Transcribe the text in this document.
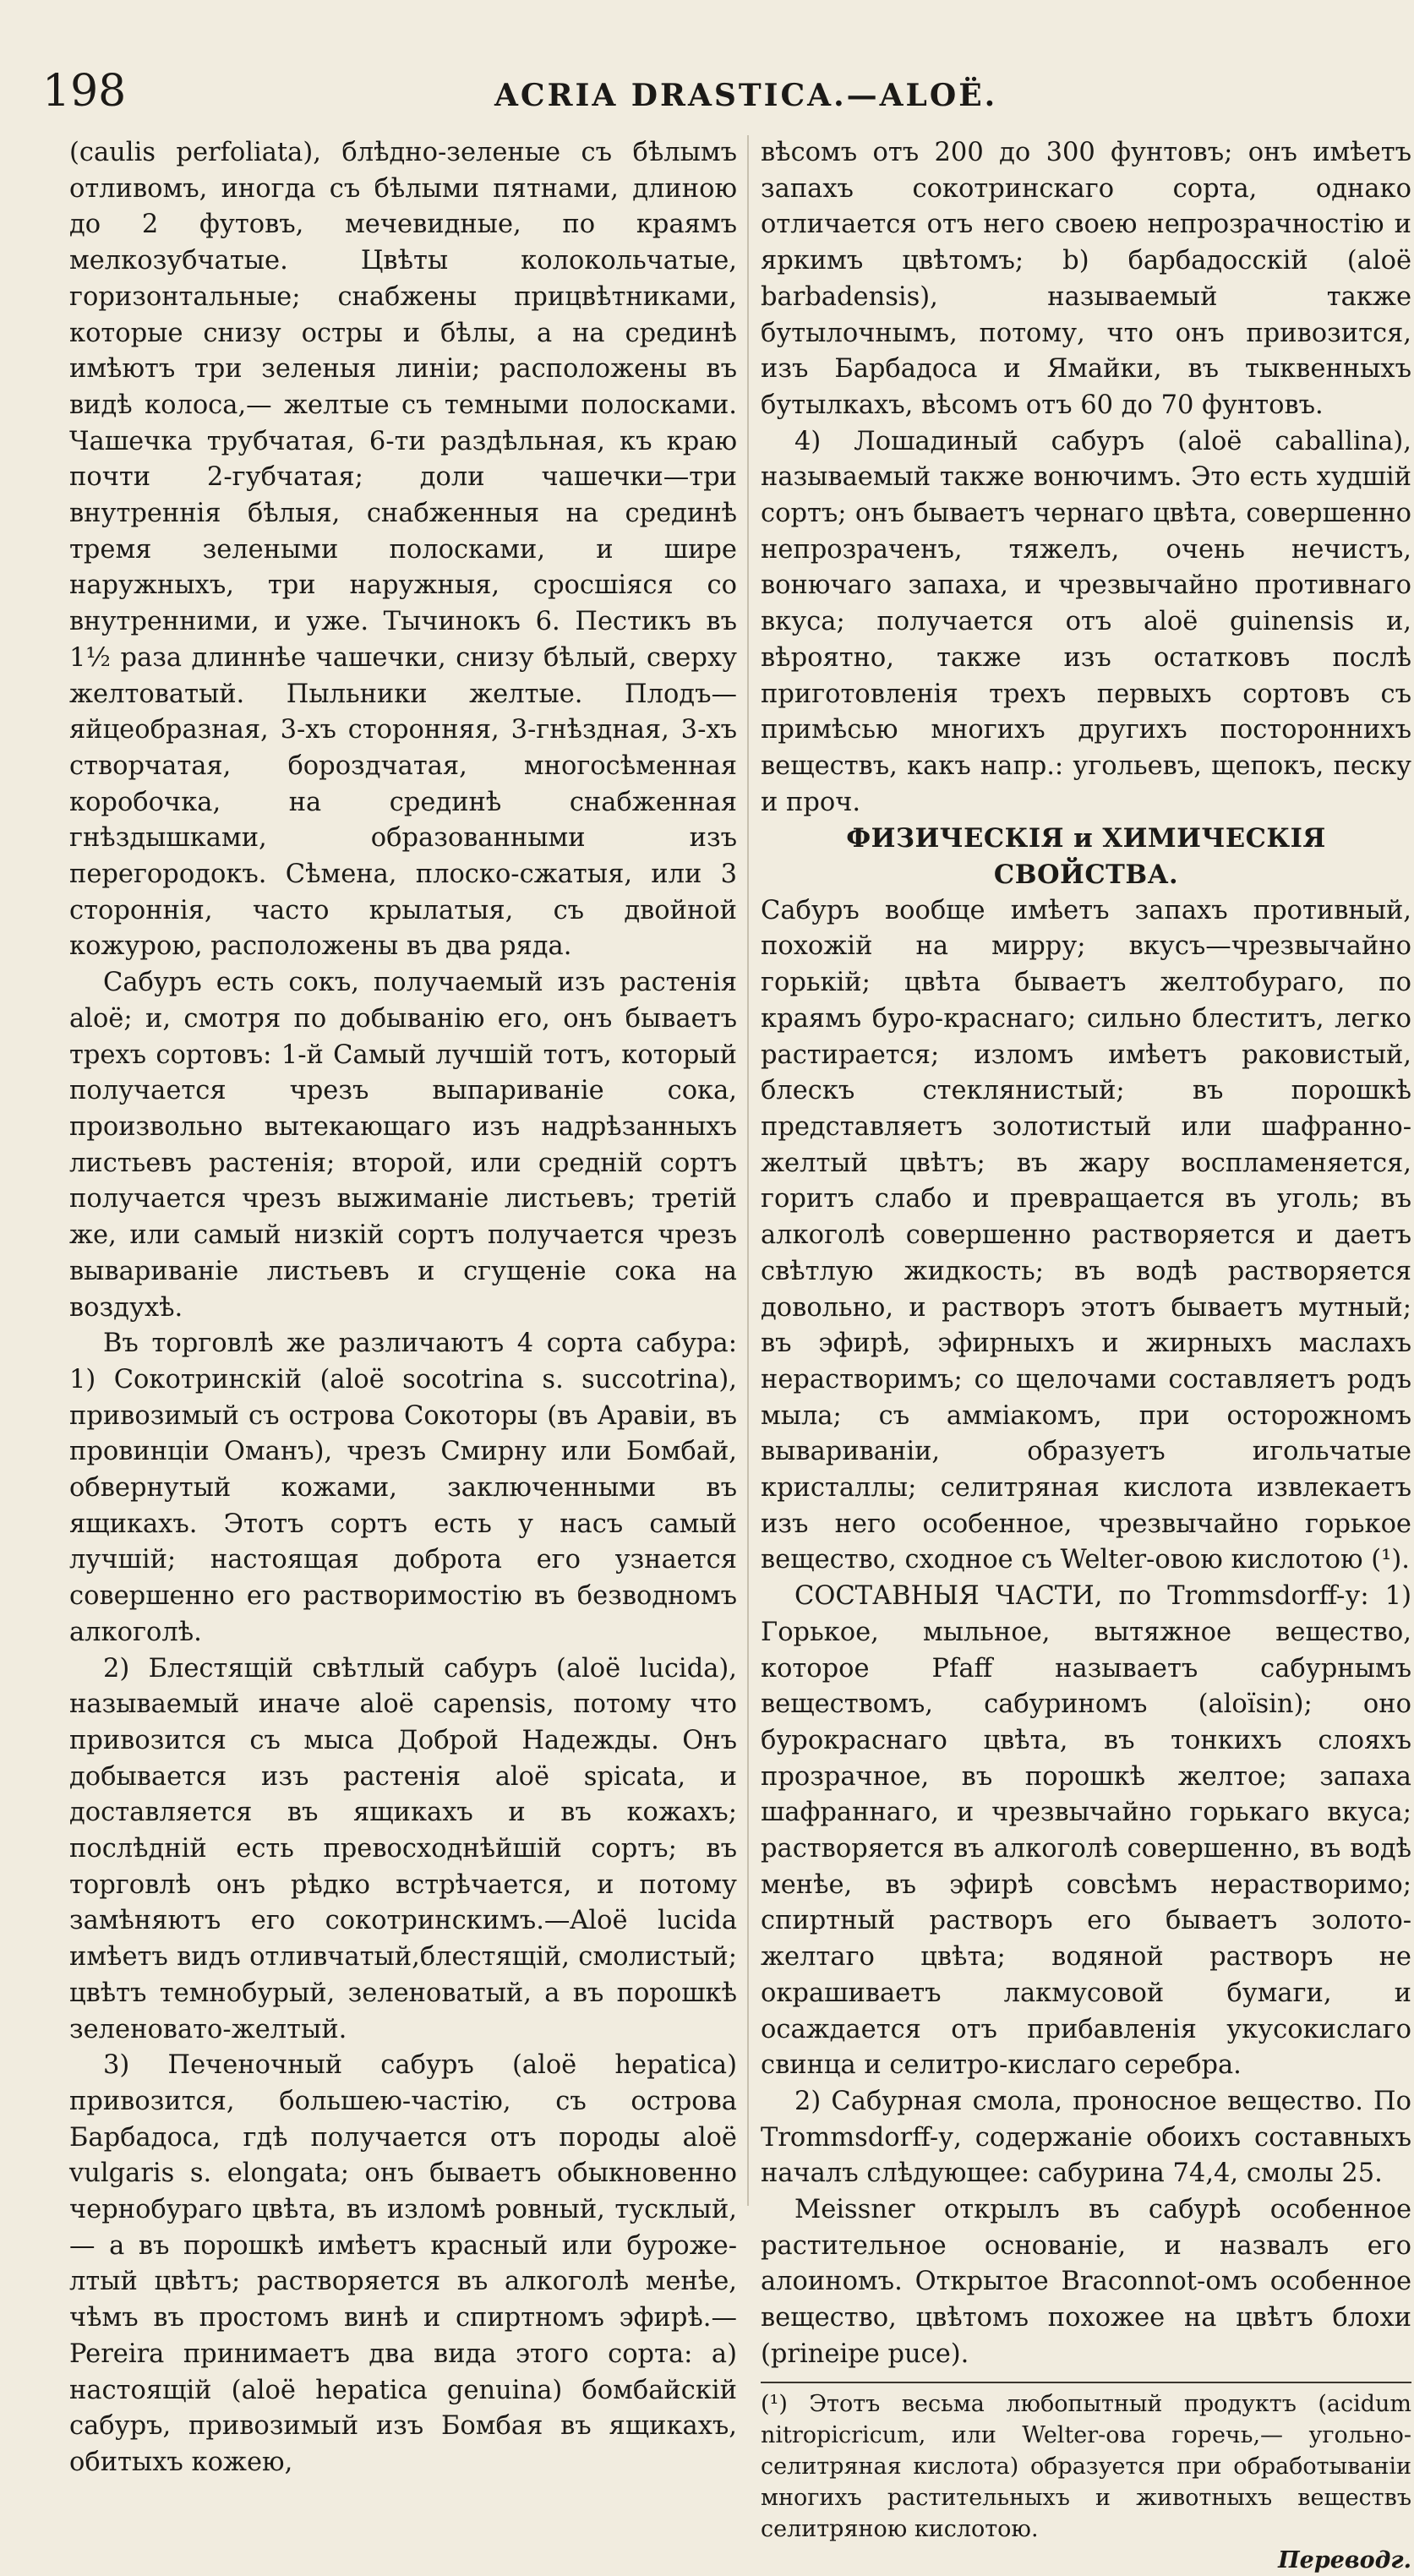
198	ACRIA DRASTICA.—ALOË.

(caulis perfoliata), блѣдно-зеленые съ бѣлымъ отливомъ, иногда съ бѣлыми пятнами, длиною до 2 футовъ, мечевидные, по краямъ мелкозубчатые. Цвѣты колокольчатые, горизонтальные; снабжены прицвѣтниками, которые снизу остры и бѣлы, а на срединѣ имѣютъ три зеленыя линіи; расположены въ видѣ колоса,— желтые съ темными полосками. Чашечка трубчатая, 6-ти раздѣльная, къ краю почти 2-губчатая; доли чашечки—три внутреннія бѣлыя, снабженныя на срединѣ тремя зелеными полосками, и шире наружныхъ, три наружныя, сросшіяся со внутренними, и уже. Тычинокъ 6. Пестикъ въ 1½ раза длиннѣе чашечки, снизу бѣлый, сверху желтоватый. Пыльники желтые. Плодъ—яйцеобразная, 3-хъ сторонняя, 3-гнѣздная, 3-хъ створчатая, бороздчатая, многосѣменная коробочка, на срединѣ снабженная гнѣздышками, образованными изъ перегородокъ. Сѣмена, плоско-сжатыя, или 3 стороннія, часто крылатыя, съ двойной кожурою, расположены въ два ряда.

Сабуръ есть сокъ, получаемый изъ растенія aloë; и, смотря по добыванію его, онъ бываетъ трехъ сортовъ: 1-й Самый лучшій тотъ, который получается чрезъ выпариваніе сока, произвольно вытекающаго изъ надрѣзанныхъ листьевъ растенія; второй, или средній сортъ получается чрезъ выжиманіе листьевъ; третій же, или самый низкій сортъ получается чрезъ вывариваніе листьевъ и сгущеніе сока на воздухѣ.

Въ торговлѣ же различаютъ 4 сорта сабура: 1) Сокотринскій (aloë socotrina s. succotrina), привозимый съ острова Сокоторы (въ Аравіи, въ провинціи Оманъ), чрезъ Смирну или Бомбай, обвернутый кожами, заключенными въ ящикахъ. Этотъ сортъ есть у насъ самый лучшій; настоящая доброта его узнается совершенно его растворимостію въ безводномъ алкоголѣ.

2) Блестящій свѣтлый сабуръ (aloë lucida), называемый иначе aloë capensis, потому что привозится съ мыса Доброй Надежды. Онъ добывается изъ растенія aloë spicata, и доставляется въ ящикахъ и въ кожахъ; послѣдній есть превосходнѣйшій сортъ; въ торговлѣ онъ рѣдко встрѣчается, и потому замѣняютъ его сокотринскимъ.—Aloë lucida имѣетъ видъ отливчатый,блестящій, смолистый; цвѣтъ темнобурый, зеленоватый, а въ порошкѣ зеленовато-желтый.

3) Печеночный сабуръ (aloë hepatica) привозится, большею-частію, съ острова Барбадоса, гдѣ получается отъ породы aloë vulgaris s. elongata; онъ бываетъ обыкновенно чернобураго цвѣта, въ изломѣ ровный, тусклый, — а въ порошкѣ имѣетъ красный или бурожелтый цвѣтъ; растворяется въ алкоголѣ менѣе, чѣмъ въ простомъ винѣ и спиртномъ эфирѣ.—Pereira принимаетъ два вида этого сорта: а) настоящій (aloë hepatica genuina) бомбайскій сабуръ, привозимый изъ Бомбая въ ящикахъ, обитыхъ кожею,

вѣсомъ отъ 200 до 300 фунтовъ; онъ имѣетъ запахъ сокотринскаго сорта, однако отличается отъ него своею непрозрачностію и яркимъ цвѣтомъ; b) барбадосскій (aloë barbadensis), называемый также бутылочнымъ, потому, что онъ привозится, изъ Барбадоса и Ямайки, въ тыквенныхъ бутылкахъ, вѣсомъ отъ 60 до 70 фунтовъ.

4) Лошадиный сабуръ (aloë caballina), называемый также вонючимъ. Это есть худшій сортъ; онъ бываетъ чернаго цвѣта, совершенно непрозраченъ, тяжелъ, очень нечистъ, вонючаго запаха, и чрезвычайно противнаго вкуса; получается отъ aloë guinensis и, вѣроятно, также изъ остатковъ послѣ приготовленія трехъ первыхъ сортовъ съ примѣсью многихъ другихъ постороннихъ веществъ, какъ напр.: угольевъ, щепокъ, песку и проч.

ФИЗИЧЕСКІЯ и ХИМИЧЕСКІЯ СВОЙСТВА.

Сабуръ вообще имѣетъ запахъ противный, похожій на мирру; вкусъ—чрезвычайно горькій; цвѣта бываетъ желтобураго, по краямъ буро-краснаго; сильно блеститъ, легко растирается; изломъ имѣетъ раковистый, блескъ стеклянистый; въ порошкѣ представляетъ золотистый или шафранно-желтый цвѣтъ; въ жару воспламеняется, горитъ слабо и превращается въ уголь; въ алкоголѣ совершенно растворяется и даетъ свѣтлую жидкость; въ водѣ растворяется довольно, и растворъ этотъ бываетъ мутный; въ эфирѣ, эфирныхъ и жирныхъ маслахъ нерастворимъ; со щелочами составляетъ родъ мыла; съ аммiакомъ, при осторожномъ вывариваніи, образуетъ игольчатые кристаллы; селитряная кислота извлекаетъ изъ него особенное, чрезвычайно горькое вещество, сходное съ Welter-овою кислотою (¹).

СОСТАВНЫЯ ЧАСТИ, по Trommsdorff-у: 1) Горькое, мыльное, вытяжное вещество, которое Pfaff называетъ сабурнымъ веществомъ, сабуриномъ (aloïsin); оно бурокраснаго цвѣта, въ тонкихъ слояхъ прозрачное, въ порошкѣ желтое; запаха шафраннаго, и чрезвычайно горькаго вкуса; растворяется въ алкоголѣ совершенно, въ водѣ менѣе, въ эфирѣ совсѣмъ нерастворимо; спиртный растворъ его бываетъ золото-желтаго цвѣта; водяной растворъ не окрашиваетъ лакмусовой бумаги, и осаждается отъ прибавленія укусокислаго свинца и селитро-кислаго серебра.

2) Сабурная смола, проносное вещество. По Trommsdorff-у, содержаніе обоихъ составныхъ началъ слѣдующее: сабурина 74,4, смолы 25.

Meissner открылъ въ сабурѣ особенное растительное основаніе, и назвалъ его алоиномъ. Открытое Braconnot-омъ особенное вещество, цвѣтомъ похожее на цвѣтъ блохи (prineipe puce).

(¹) Этотъ весьма любопытный продуктъ (acidum nitropicricum, или Welter-ова горечь,— угольно-селитряная кислота) образуется при обработываніи многихъ растительныхъ и животныхъ веществъ селитряною кислотою.

Переводг.
